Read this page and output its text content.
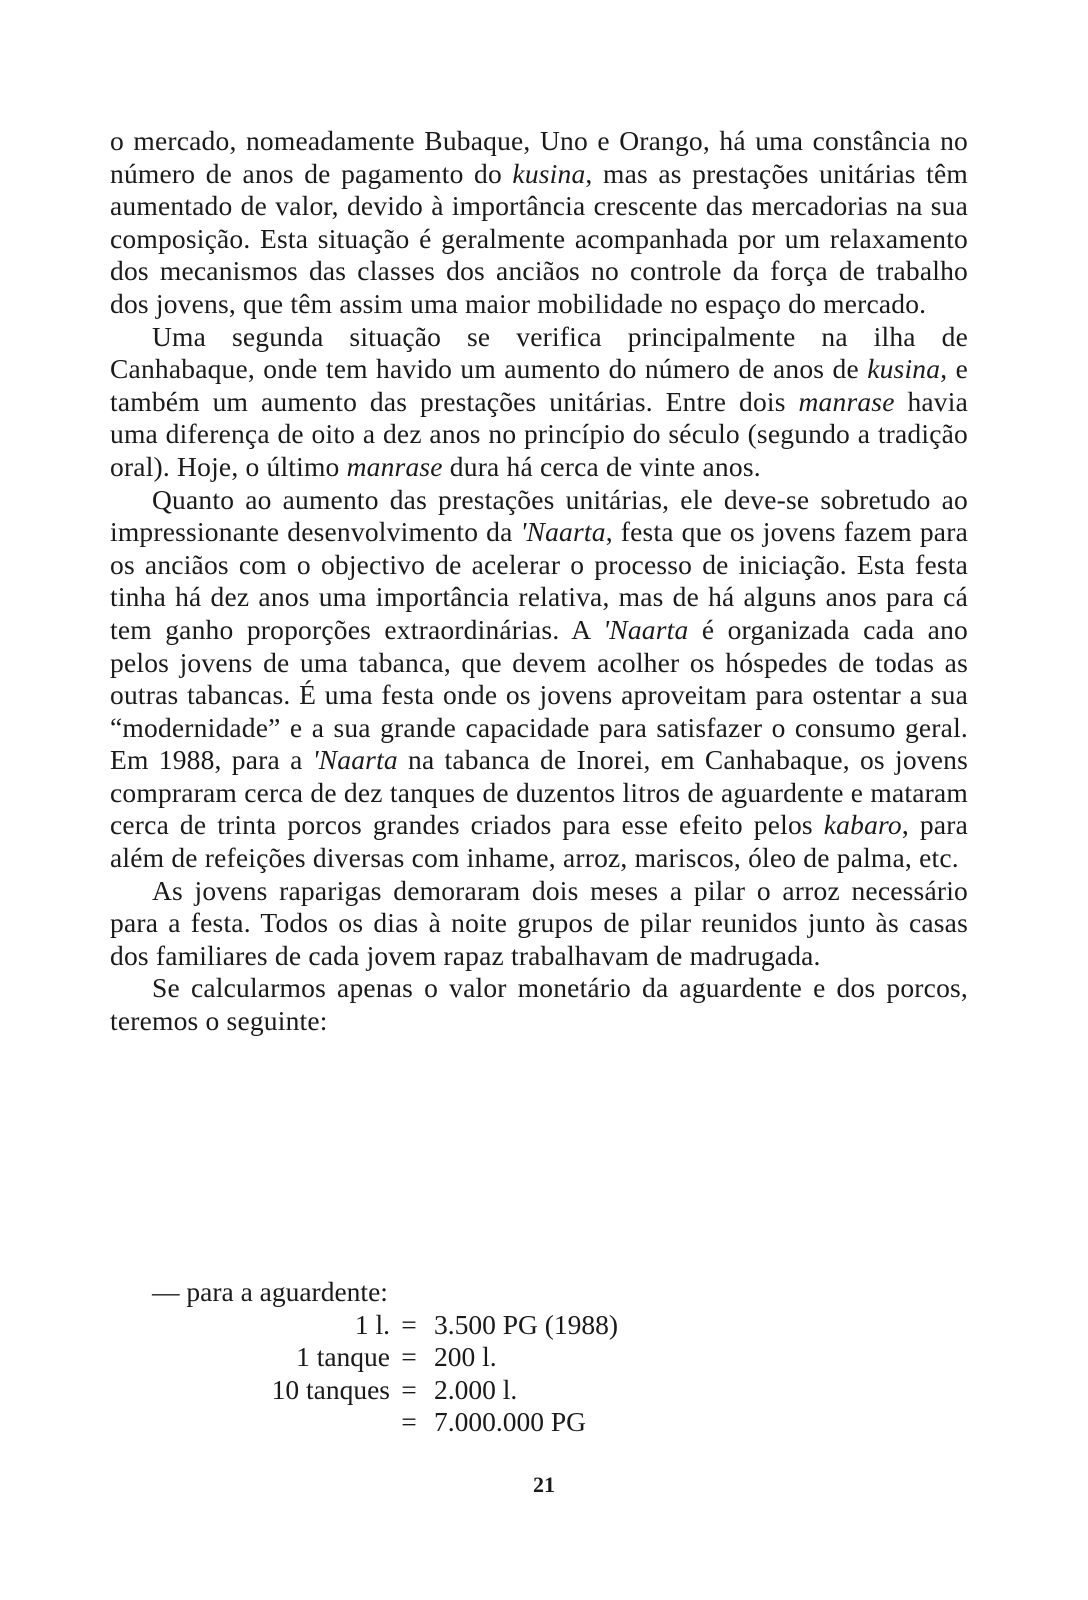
o mercado, nomeadamente Bubaque, Uno e Orango, há uma constância no número de anos de pagamento do kusina, mas as prestações unitárias têm aumentado de valor, devido à importância crescente das mercadorias na sua composição. Esta situação é geralmente acompanhada por um relaxamento dos mecanismos das classes dos anciãos no controle da força de trabalho dos jovens, que têm assim uma maior mobilidade no espaço do mercado.

Uma segunda situação se verifica principalmente na ilha de Canhabaque, onde tem havido um aumento do número de anos de kusina, e também um aumento das prestações unitárias. Entre dois manrase havia uma diferença de oito a dez anos no princípio do século (segundo a tradição oral). Hoje, o último manrase dura há cerca de vinte anos.

Quanto ao aumento das prestações unitárias, ele deve-se sobretudo ao impressionante desenvolvimento da 'Naarta, festa que os jovens fazem para os anciãos com o objectivo de acelerar o processo de iniciação. Esta festa tinha há dez anos uma importância relativa, mas de há alguns anos para cá tem ganho proporções extraordinárias. A 'Naarta é organizada cada ano pelos jovens de uma tabanca, que devem acolher os hóspedes de todas as outras tabancas. É uma festa onde os jovens aproveitam para ostentar a sua “modernidade” e a sua grande capacidade para satisfazer o consumo geral. Em 1988, para a 'Naarta na tabanca de Inorei, em Canhabaque, os jovens compraram cerca de dez tanques de duzentos litros de aguardente e mataram cerca de trinta porcos grandes criados para esse efeito pelos kabaro, para além de refeições diversas com inhame, arroz, mariscos, óleo de palma, etc.

As jovens raparigas demoraram dois meses a pilar o arroz necessário para a festa. Todos os dias à noite grupos de pilar reunidos junto às casas dos familiares de cada jovem rapaz trabalhavam de madrugada.

Se calcularmos apenas o valor monetário da aguardente e dos porcos, teremos o seguinte:

— para a aguardente:
1 l. = 3.500 PG (1988)
1 tanque = 200 l.
10 tanques = 2.000 l.
= 7.000.000 PG
21
